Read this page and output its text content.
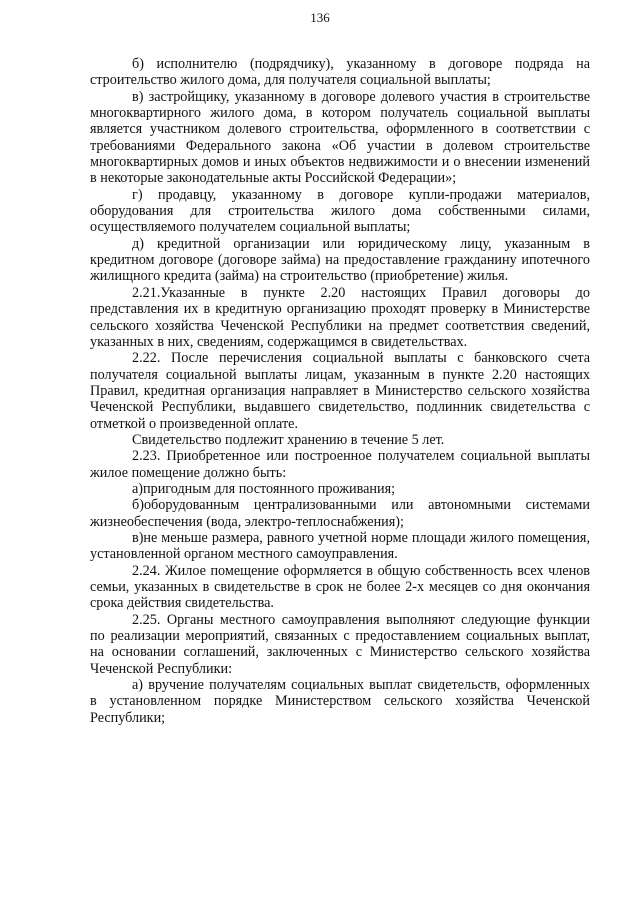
136

б) исполнителю (подрядчику), указанному в договоре подряда на строительство жилого дома, для получателя социальной выплаты;

в) застройщику, указанному в договоре долевого участия в строительстве многоквартирного жилого дома, в котором получатель социальной выплаты является участником долевого строительства, оформленного в соответствии с требованиями Федерального закона «Об участии в долевом строительстве многоквартирных домов и иных объектов недвижимости и о внесении изменений в некоторые законодательные акты Российской Федерации»;

г) продавцу, указанному в договоре купли-продажи материалов, оборудования для строительства жилого дома собственными силами, осуществляемого получателем социальной выплаты;

д) кредитной организации или юридическому лицу, указанным в кредитном договоре (договоре займа) на предоставление гражданину ипотечного жилищного кредита (займа) на строительство (приобретение) жилья.

2.21.Указанные в пункте 2.20 настоящих Правил договоры до представления их в кредитную организацию проходят проверку в Министерстве сельского хозяйства Чеченской Республики на предмет соответствия сведений, указанных в них, сведениям, содержащимся в свидетельствах.

2.22. После перечисления социальной выплаты с банковского счета получателя социальной выплаты лицам, указанным в пункте 2.20 настоящих Правил, кредитная организация направляет в Министерство сельского хозяйства Чеченской Республики, выдавшего свидетельство, подлинник свидетельства с отметкой о произведенной оплате.

Свидетельство подлежит хранению в течение 5 лет.

2.23. Приобретенное или построенное получателем социальной выплаты жилое помещение должно быть:

а)пригодным для постоянного проживания;

б)оборудованным централизованными или автономными системами жизнеобеспечения (вода, электро-теплоснабжения);

в)не меньше размера, равного учетной норме площади жилого помещения, установленной органом местного самоуправления.

2.24. Жилое помещение оформляется в общую собственность всех членов семьи, указанных в свидетельстве в срок не более 2-х месяцев со дня окончания срока действия свидетельства.

2.25. Органы местного самоуправления выполняют следующие функции по реализации мероприятий, связанных с предоставлением социальных выплат, на основании соглашений, заключенных с Министерство сельского хозяйства Чеченской Республики:

а) вручение получателям социальных выплат свидетельств, оформленных в установленном порядке Министерством сельского хозяйства Чеченской Республики;
